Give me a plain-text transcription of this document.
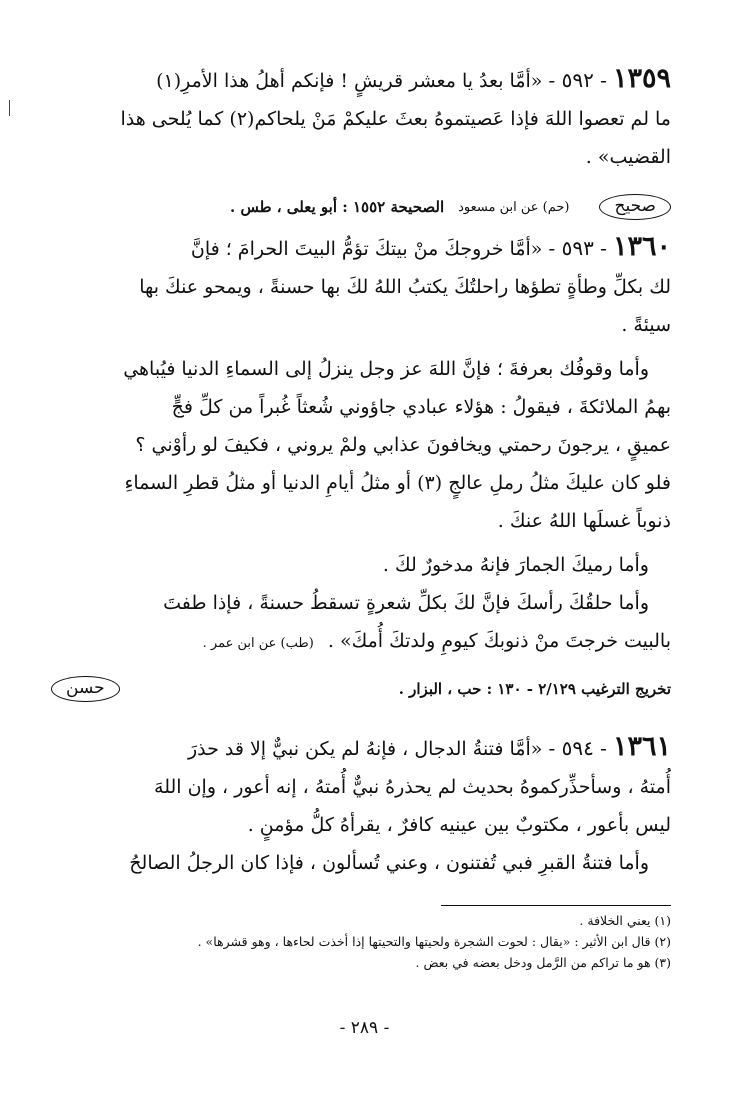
١٣٥٩ - ٥٩٢ - «أمَّا بعدُ يا معشر قريشٍ ! فإنكم أهلُ هذا الأمرِ(١)
ما لم تعصوا اللهَ فإذا عَصيتموهُ بعثَ عليكمْ مَنْ يلحاكم(٢) كما يُلحى هذا
القضيب» .
صحيح
(حم) عن ابن مسعود
الصحيحة ١٥٥٢ : أبو يعلى ، طس .
١٣٦٠ - ٥٩٣ - «أمَّا خروجكَ منْ بيتكَ تؤمُّ البيتَ الحرامَ ؛ فإنَّ
لك بكلِّ وطأةٍ تطؤها راحلتُكَ يكتبُ اللهُ لكَ بها حسنةً ، ويمحو عنكَ بها
سيئةً .
وأما وقوفُك بعرفةَ ؛ فإنَّ اللهَ عز وجل ينزلُ إلى السماءِ الدنيا فيُباهي
بهمُ الملائكةَ ، فيقولُ : هؤلاء عبادي جاؤوني شُعثاً غُبراً من كلِّ فجٍّ
عميقٍ ، يرجونَ رحمتي ويخافونَ عذابي ولمْ يروني ، فكيفَ لو رأوْني ؟
فلو كان عليكَ مثلُ رملِ عالجٍ (٣) أو مثلُ أيامِ الدنيا أو مثلُ قطرِ السماءِ
ذنوباً غسلَها اللهُ عنكَ .
وأما رميكَ الجمارَ فإنهُ مدخورٌ لكَ .
وأما حلقُكَ رأسكَ فإنَّ لكَ بكلِّ شعرةٍ تسقطُ حسنةً ، فإذا طفتَ
بالبيت خرجتَ منْ ذنوبكَ كيومِ ولدتكَ أُمكَ» . (طب) عن ابن عمر .
تخريج الترغيب ٢/١٢٩ - ١٣٠ : حب ، البزار .
حسن
١٣٦١ - ٥٩٤ - «أمَّا فتنةُ الدجال ، فإنهُ لم يكن نبيٌّ إلا قد حذرَ
أُمتهُ ، وسأحذِّركموهُ بحديث لم يحذرهُ نبيٌّ أُمتهُ ، إنه أعور ، وإن اللهَ
ليس بأعور ، مكتوبٌ بين عينيه كافرٌ ، يقرأهُ كلُّ مؤمنٍ .
وأما فتنةُ القبرِ فبي تُفتنون ، وعني تُسألون ، فإذا كان الرجلُ الصالحُ
(١) يعني الخلافة .
(٢) قال ابن الأثير : «يقال : لحوت الشجرة ولحيتها والتحيتها إذا أخذت لحاءها ، وهو قشرها» .
(٣) هو ما تراكم من الرَّمل ودخل بعضه في بعض .
- ٢٨٩ -
